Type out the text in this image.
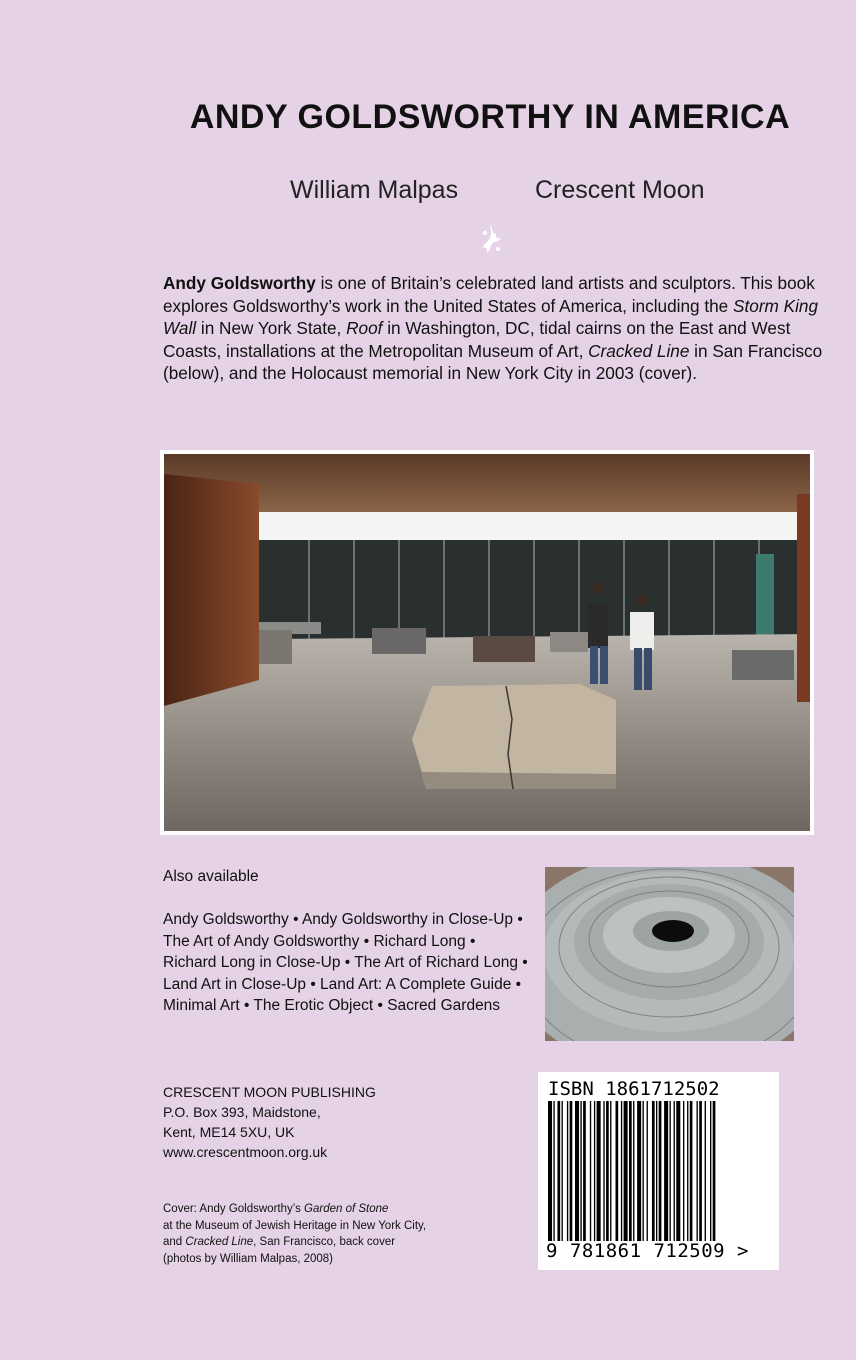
ANDY GOLDSWORTHY IN AMERICA
William Malpas	Crescent Moon
Andy Goldsworthy is one of Britain’s celebrated land artists and sculptors. This book explores Goldsworthy’s work in the United States of America, including the Storm King Wall in New York State, Roof in Washington, DC, tidal cairns on the East and West Coasts, installations at the Metropolitan Museum of Art, Cracked Line in San Francisco (below), and the Holocaust memorial in New York City in 2003 (cover).
Also available
Andy Goldsworthy • Andy Goldsworthy in Close-Up • The Art of Andy Goldsworthy • Richard Long • Richard Long in Close-Up • The Art of Richard Long • Land Art in Close-Up • Land Art: A Complete Guide • Minimal Art • The Erotic Object • Sacred Gardens
CRESCENT MOON PUBLISHING
P.O. Box 393, Maidstone,
Kent, ME14 5XU, UK
www.crescentmoon.org.uk
Cover: Andy Goldsworthy’s Garden of Stone
at the Museum of Jewish Heritage in New York City,
and Cracked Line, San Francisco, back cover
(photos by William Malpas, 2008)
ISBN 1861712502
9 781861 712509 >
